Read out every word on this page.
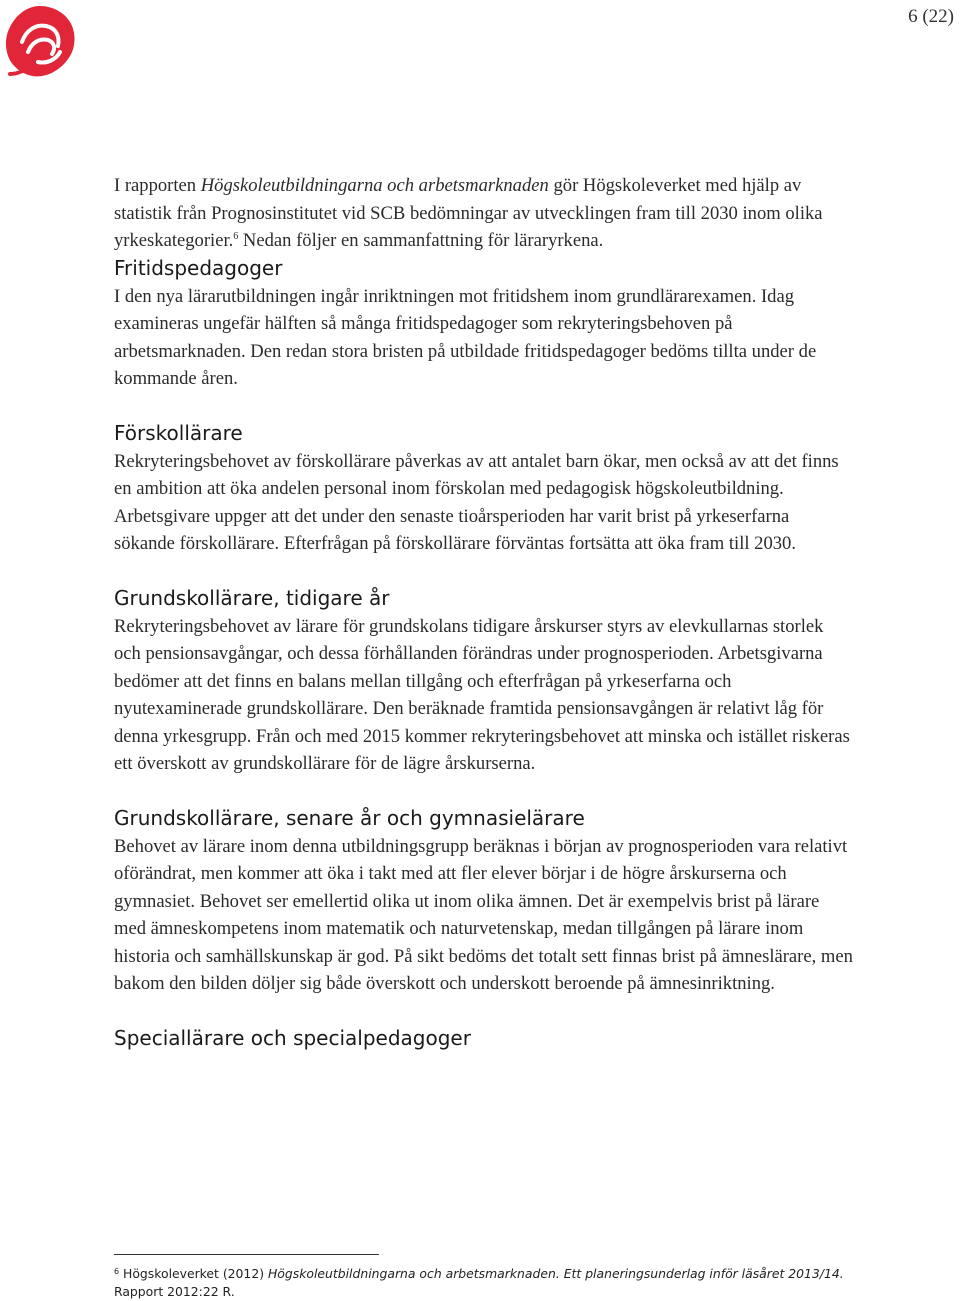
6 (22)

I rapporten Högskoleutbildningarna och arbetsmarknaden gör Högskoleverket med hjälp av statistik från Prognosinstitutet vid SCB bedömningar av utvecklingen fram till 2030 inom olika yrkeskategorier.$^6$ Nedan följer en sammanfattning för läraryrkena.

Fritidspedagoger

I den nya lärarutbildningen ingår inriktningen mot fritidshem inom grundlärarexamen. Idag examineras ungefär hälften så många fritidspedagoger som rekryteringsbehoven på arbetsmarknaden. Den redan stora bristen på utbildade fritidspedagoger bedöms tillta under de kommande åren.

Förskollärare

Rekryteringsbehovet av förskollärare påverkas av att antalet barn ökar, men också av att det finns en ambition att öka andelen personal inom förskolan med pedagogisk högskoleutbildning. Arbetsgivare uppger att det under den senaste tioårsperioden har varit brist på yrkeserfarna sökande förskollärare. Efterfrågan på förskollärare förväntas fortsätta att öka fram till 2030.

Grundskollärare, tidigare år

Rekryteringsbehovet av lärare för grundskolans tidigare årskurser styrs av elevkullarnas storlek och pensionsavgångar, och dessa förhållanden förändras under prognosperioden. Arbetsgivarna bedömer att det finns en balans mellan tillgång och efterfrågan på yrkeserfarna och nyutexaminerade grundskollärare. Den beräknade framtida pensionsavgången är relativt låg för denna yrkesgrupp. Från och med 2015 kommer rekryteringsbehovet att minska och istället riskeras ett överskott av grundskollärare för de lägre årskurserna.

Grundskollärare, senare år och gymnasielärare

Behovet av lärare inom denna utbildningsgrupp beräknas i början av prognosperioden vara relativt oförändrat, men kommer att öka i takt med att fler elever börjar i de högre årskurserna och gymnasiet. Behovet ser emellertid olika ut inom olika ämnen. Det är exempelvis brist på lärare med ämneskompetens inom matematik och naturvetenskap, medan tillgången på lärare inom historia och samhällskunskap är god. På sikt bedöms det totalt sett finnas brist på ämneslärare, men bakom den bilden döljer sig både överskott och underskott beroende på ämnesinriktning.

Speciallärare och specialpedagoger
$^6$ Högskoleverket (2012) Högskoleutbildningarna och arbetsmarknaden. Ett planeringsunderlag inför läsåret 2013/14.
Rapport 2012:22 R.
